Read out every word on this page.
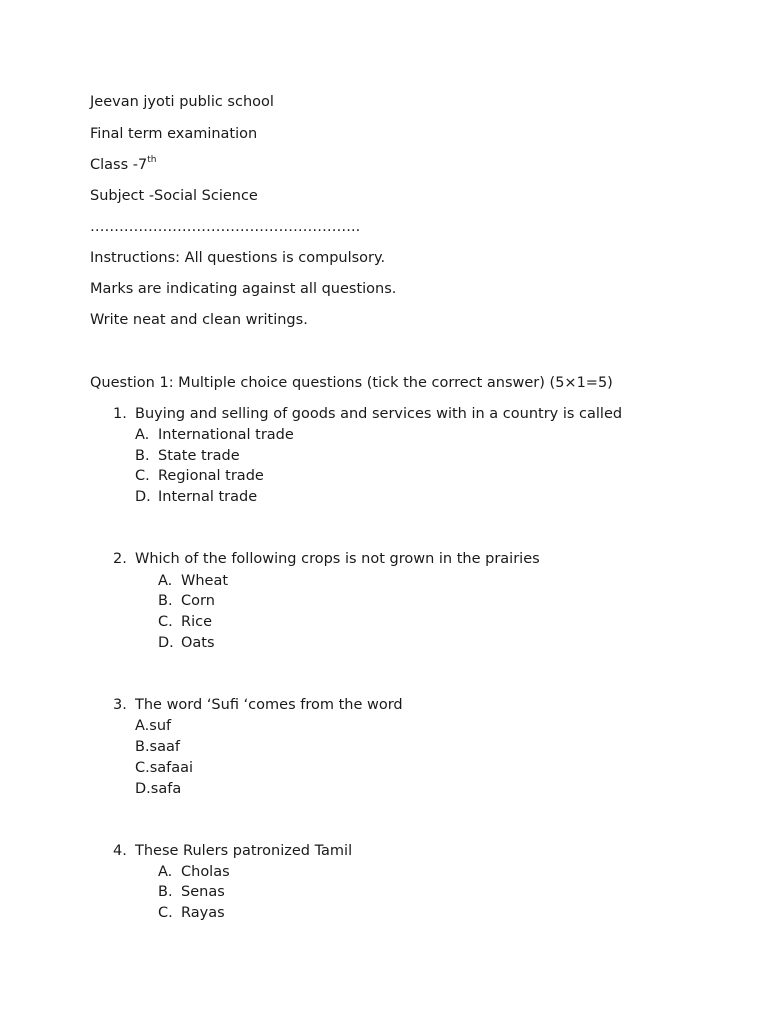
Jeevan jyoti public school
Final term examination
Class -7th
Subject -Social Science
………………………………………………..
Instructions: All questions is compulsory.
Marks are indicating against all questions.
Write neat and clean writings.
Question 1: Multiple choice questions (tick the correct answer) (5×1=5)
1. Buying and selling of goods and services with in a country is called
A. International trade
B. State trade
C. Regional trade
D. Internal trade
2. Which of the following crops is not grown in the prairies
A. Wheat
B. Corn
C. Rice
D. Oats
3. The word ‘Sufi ‘comes from the word
A.suf
B.saaf
C.safaai
D.safa
4. These Rulers patronized Tamil
A. Cholas
B. Senas
C. Rayas
